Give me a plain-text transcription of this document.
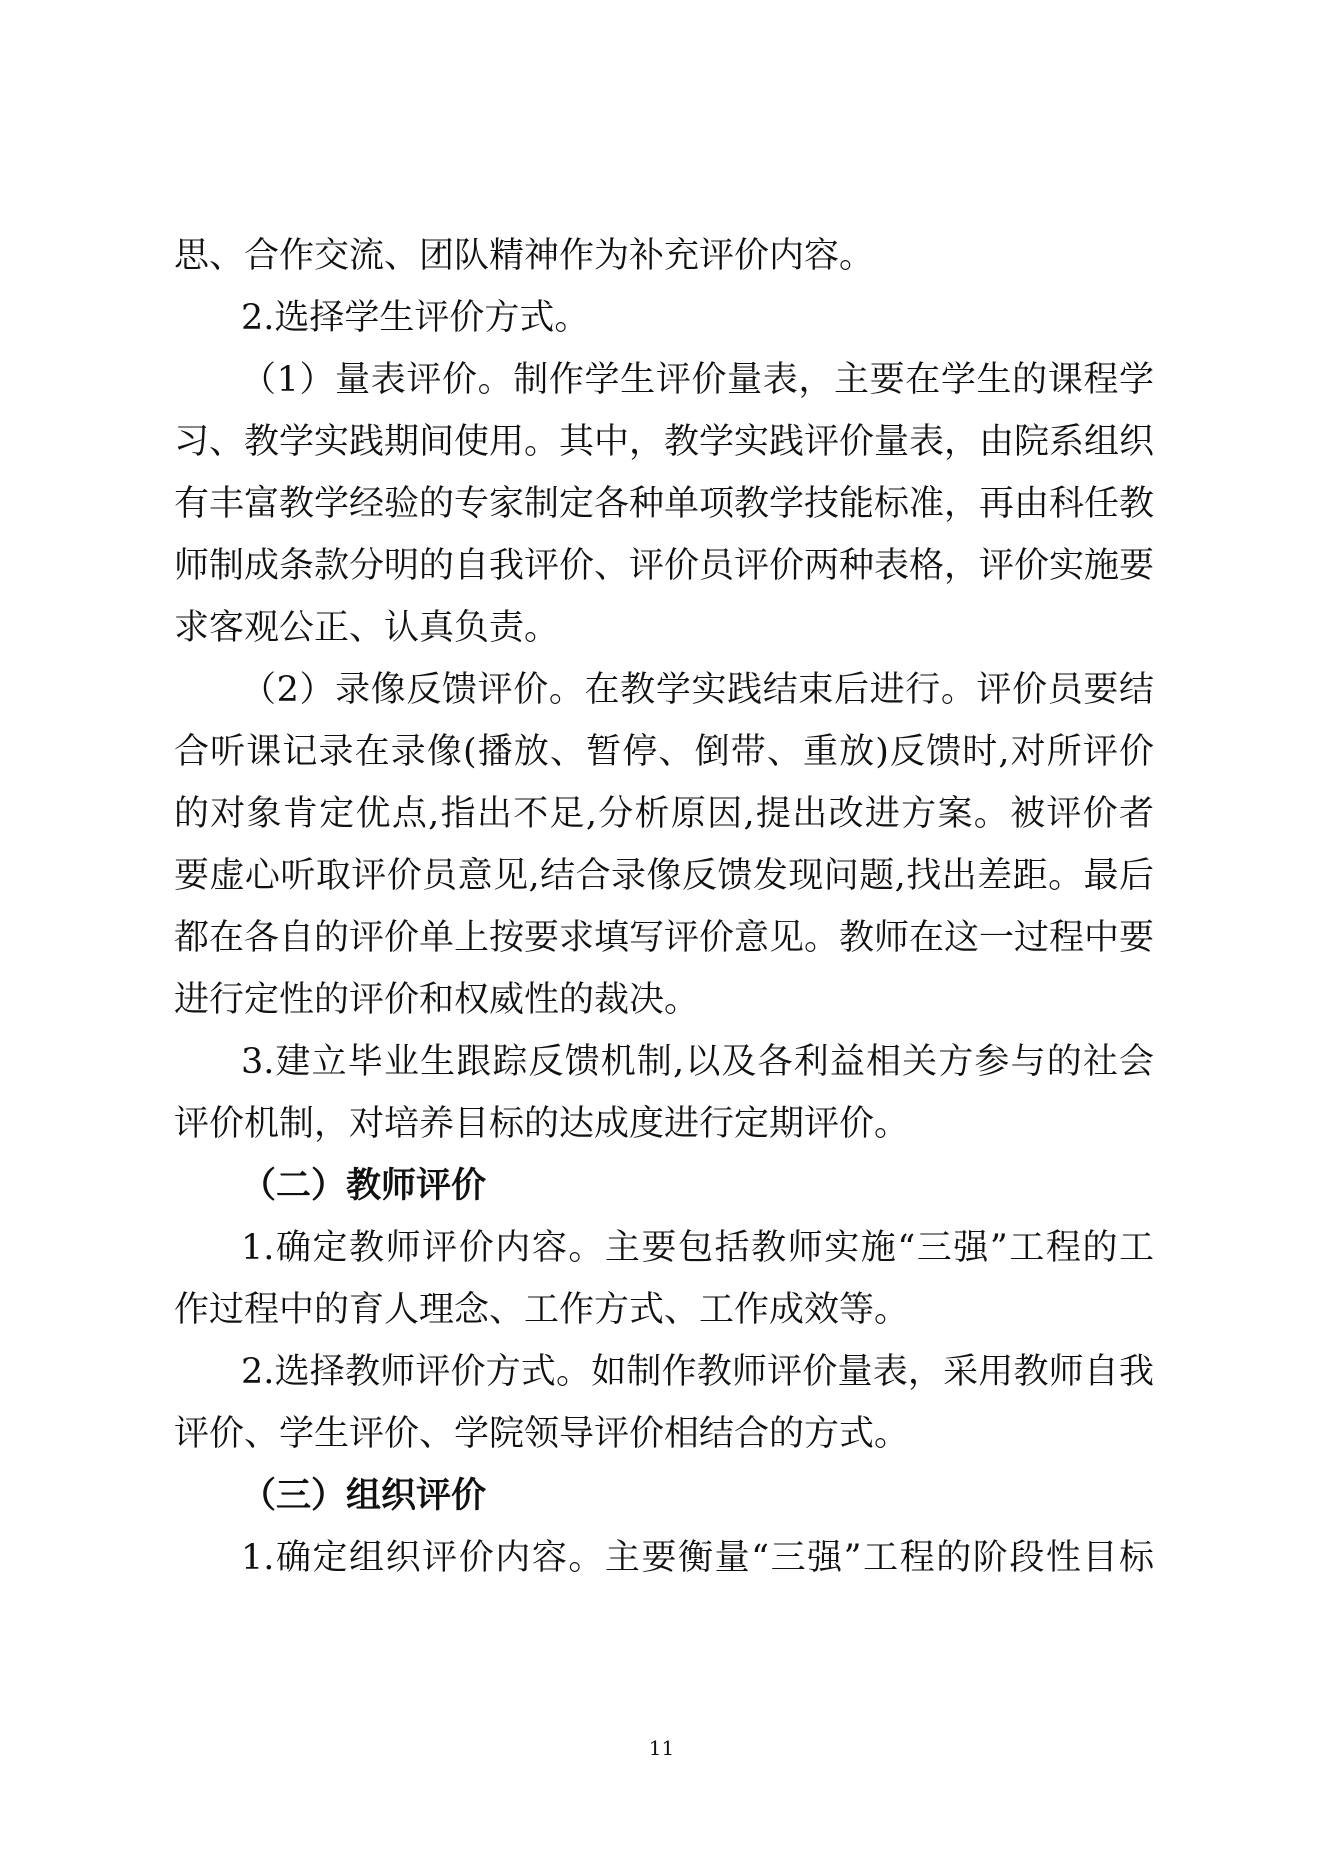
思、合作交流、团队精神作为补充评价内容。
2.选择学生评价方式。
（1）量表评价。制作学生评价量表，主要在学生的课程学
习、教学实践期间使用。其中，教学实践评价量表，由院系组织
有丰富教学经验的专家制定各种单项教学技能标准，再由科任教
师制成条款分明的自我评价、评价员评价两种表格，评价实施要
求客观公正、认真负责。
（2）录像反馈评价。在教学实践结束后进行。评价员要结
合听课记录在录像(播放、暂停、倒带、重放)反馈时,对所评价
的对象肯定优点,指出不足,分析原因,提出改进方案。被评价者
要虚心听取评价员意见,结合录像反馈发现问题,找出差距。最后
都在各自的评价单上按要求填写评价意见。教师在这一过程中要
进行定性的评价和权威性的裁决。
3.建立毕业生跟踪反馈机制,以及各利益相关方参与的社会
评价机制，对培养目标的达成度进行定期评价。
（二）教师评价
1.确定教师评价内容。主要包括教师实施“三强”工程的工
作过程中的育人理念、工作方式、工作成效等。
2.选择教师评价方式。如制作教师评价量表，采用教师自我
评价、学生评价、学院领导评价相结合的方式。
（三）组织评价
1.确定组织评价内容。主要衡量“三强”工程的阶段性目标
11
